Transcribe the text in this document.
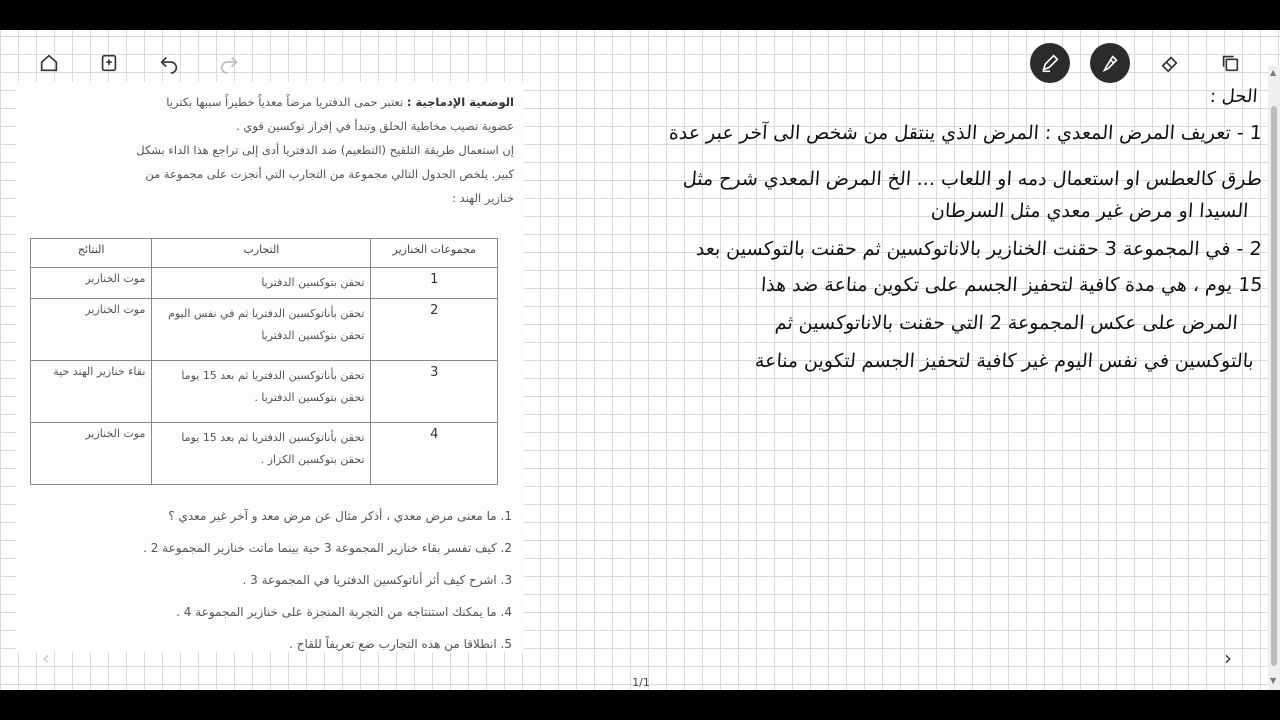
الوضعية الإدماجية : تعتبر حمى الدفتريا مرضاً معدياً خطيراً سببها بكتريا
عضوية تصيب مخاطية الحلق وتبدأ في إفراز توكسين قوي .
إن استعمال طريقة التلقيح (التطعيم) ضد الدفتريا أدى إلى تراجع هذا الداء بشكل
كبير. يلخص الجدول التالي مجموعة من التجارب التي أنجزت على مجموعة من
خنازير الهند :
مجموعات الخنازير	التجارب	النتائج
1	تحقن بتوكسين الدفتريا	موت الخنازير
2	تحقن بأناتوكسين الدفتريا ثم في نفس اليوم تحقن بتوكسين الدفتريا	موت الخنازير
3	تحقن بأناتوكسين الدفتريا ثم بعد 15 يوما تحقن بتوكسين الدفتريا .	بقاء خنازير الهند حية
4	تحقن بأناتوكسين الدفتريا ثم بعد 15 يوما تحقن بتوكسين الكزاز .	موت الخنازير
1. ما معنى مرض معدي ، أذكر مثال عن مرض معد و آخر غير معدي ؟
2. كيف تفسر بقاء خنازير المجموعة 3 حية بينما ماتت خنازير المجموعة 2 .
3. اشرح كيف أثر أناتوكسين الدفتريا في المجموعة 3 .
4. ما يمكنك استنتاجه من التجربة المنجزة على خنازير المجموعة 4 .
5. انطلاقا من هذه التجارب ضع تعريفاً للقاح .
الحل :
1 - تعريف المرض المعدي : المرض الذي ينتقل من شخص الى آخر عبر عدة
طرق كالعطس او استعمال دمه او اللعاب ... الخ المرض المعدي شرح مثل
السيدا او مرض غير معدي مثل السرطان
2 - في المجموعة 3 حقنت الخنازير بالاناتوكسين ثم حقنت بالتوكسين بعد
15 يوم ، هي مدة كافية لتحفيز الجسم على تكوين مناعة ضد هذا
المرض على عكس المجموعة 2 التي حقنت بالاناتوكسين ثم
بالتوكسين في نفس اليوم غير كافية لتحفيز الجسم لتكوين مناعة
1/1
‹	›
▲
▼
